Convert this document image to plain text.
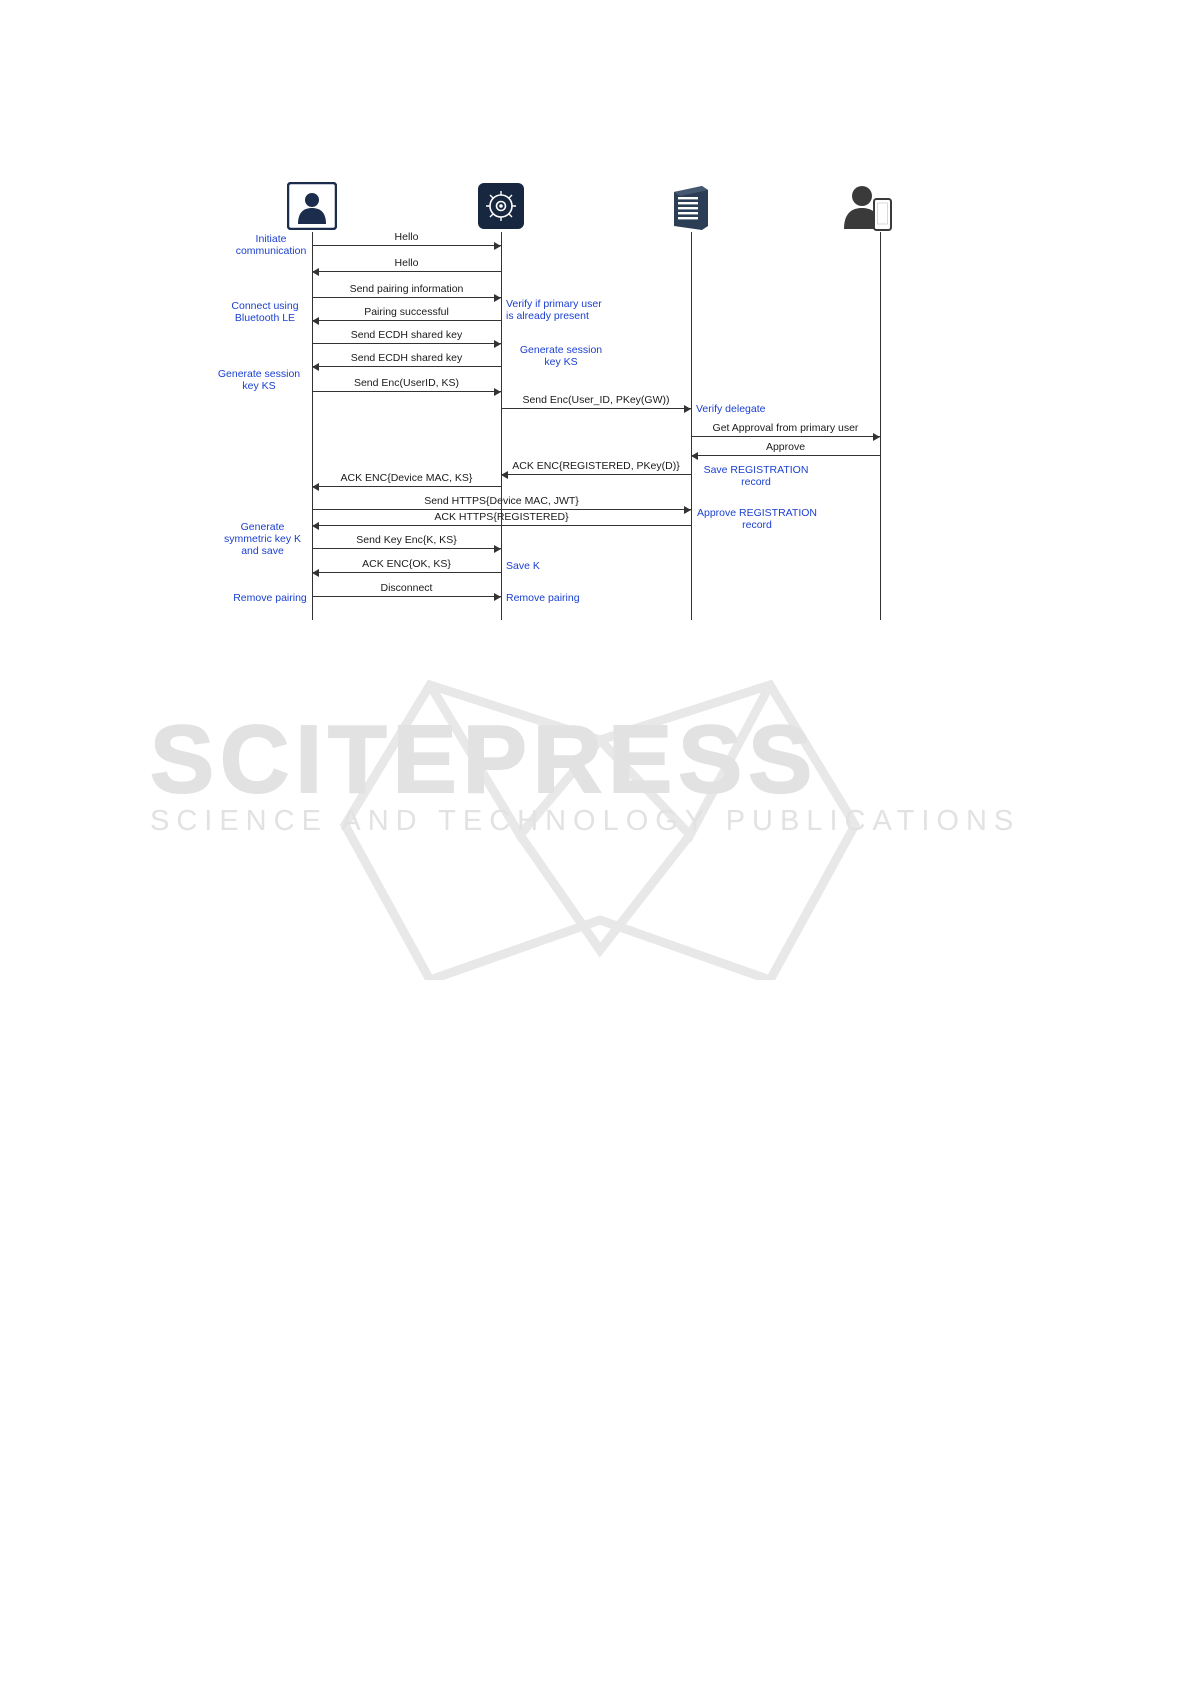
SCITEPRESS
SCIENCE AND TECHNOLOGY PUBLICATIONS
Hello
Hello
Send pairing information
Pairing successful
Send ECDH shared key
Send ECDH shared key
Send Enc(UserID, KS)
Send Enc(User_ID, PKey(GW))
Get Approval from primary user
Approve
ACK ENC{REGISTERED, PKey(D)}
ACK ENC{Device MAC, KS}
Send HTTPS{Device MAC, JWT}
ACK HTTPS{REGISTERED}
Send Key Enc{K, KS}
ACK ENC{OK, KS}
Disconnect
Initiate
communication
Connect using
Bluetooth LE
Generate session
key KS
Generate
symmetric key K
and save
Remove pairing
Verify if primary user
is already present
Generate session
key KS
Save K
Remove pairing
Verify delegate
Save REGISTRATION
record
Approve REGISTRATION
record
